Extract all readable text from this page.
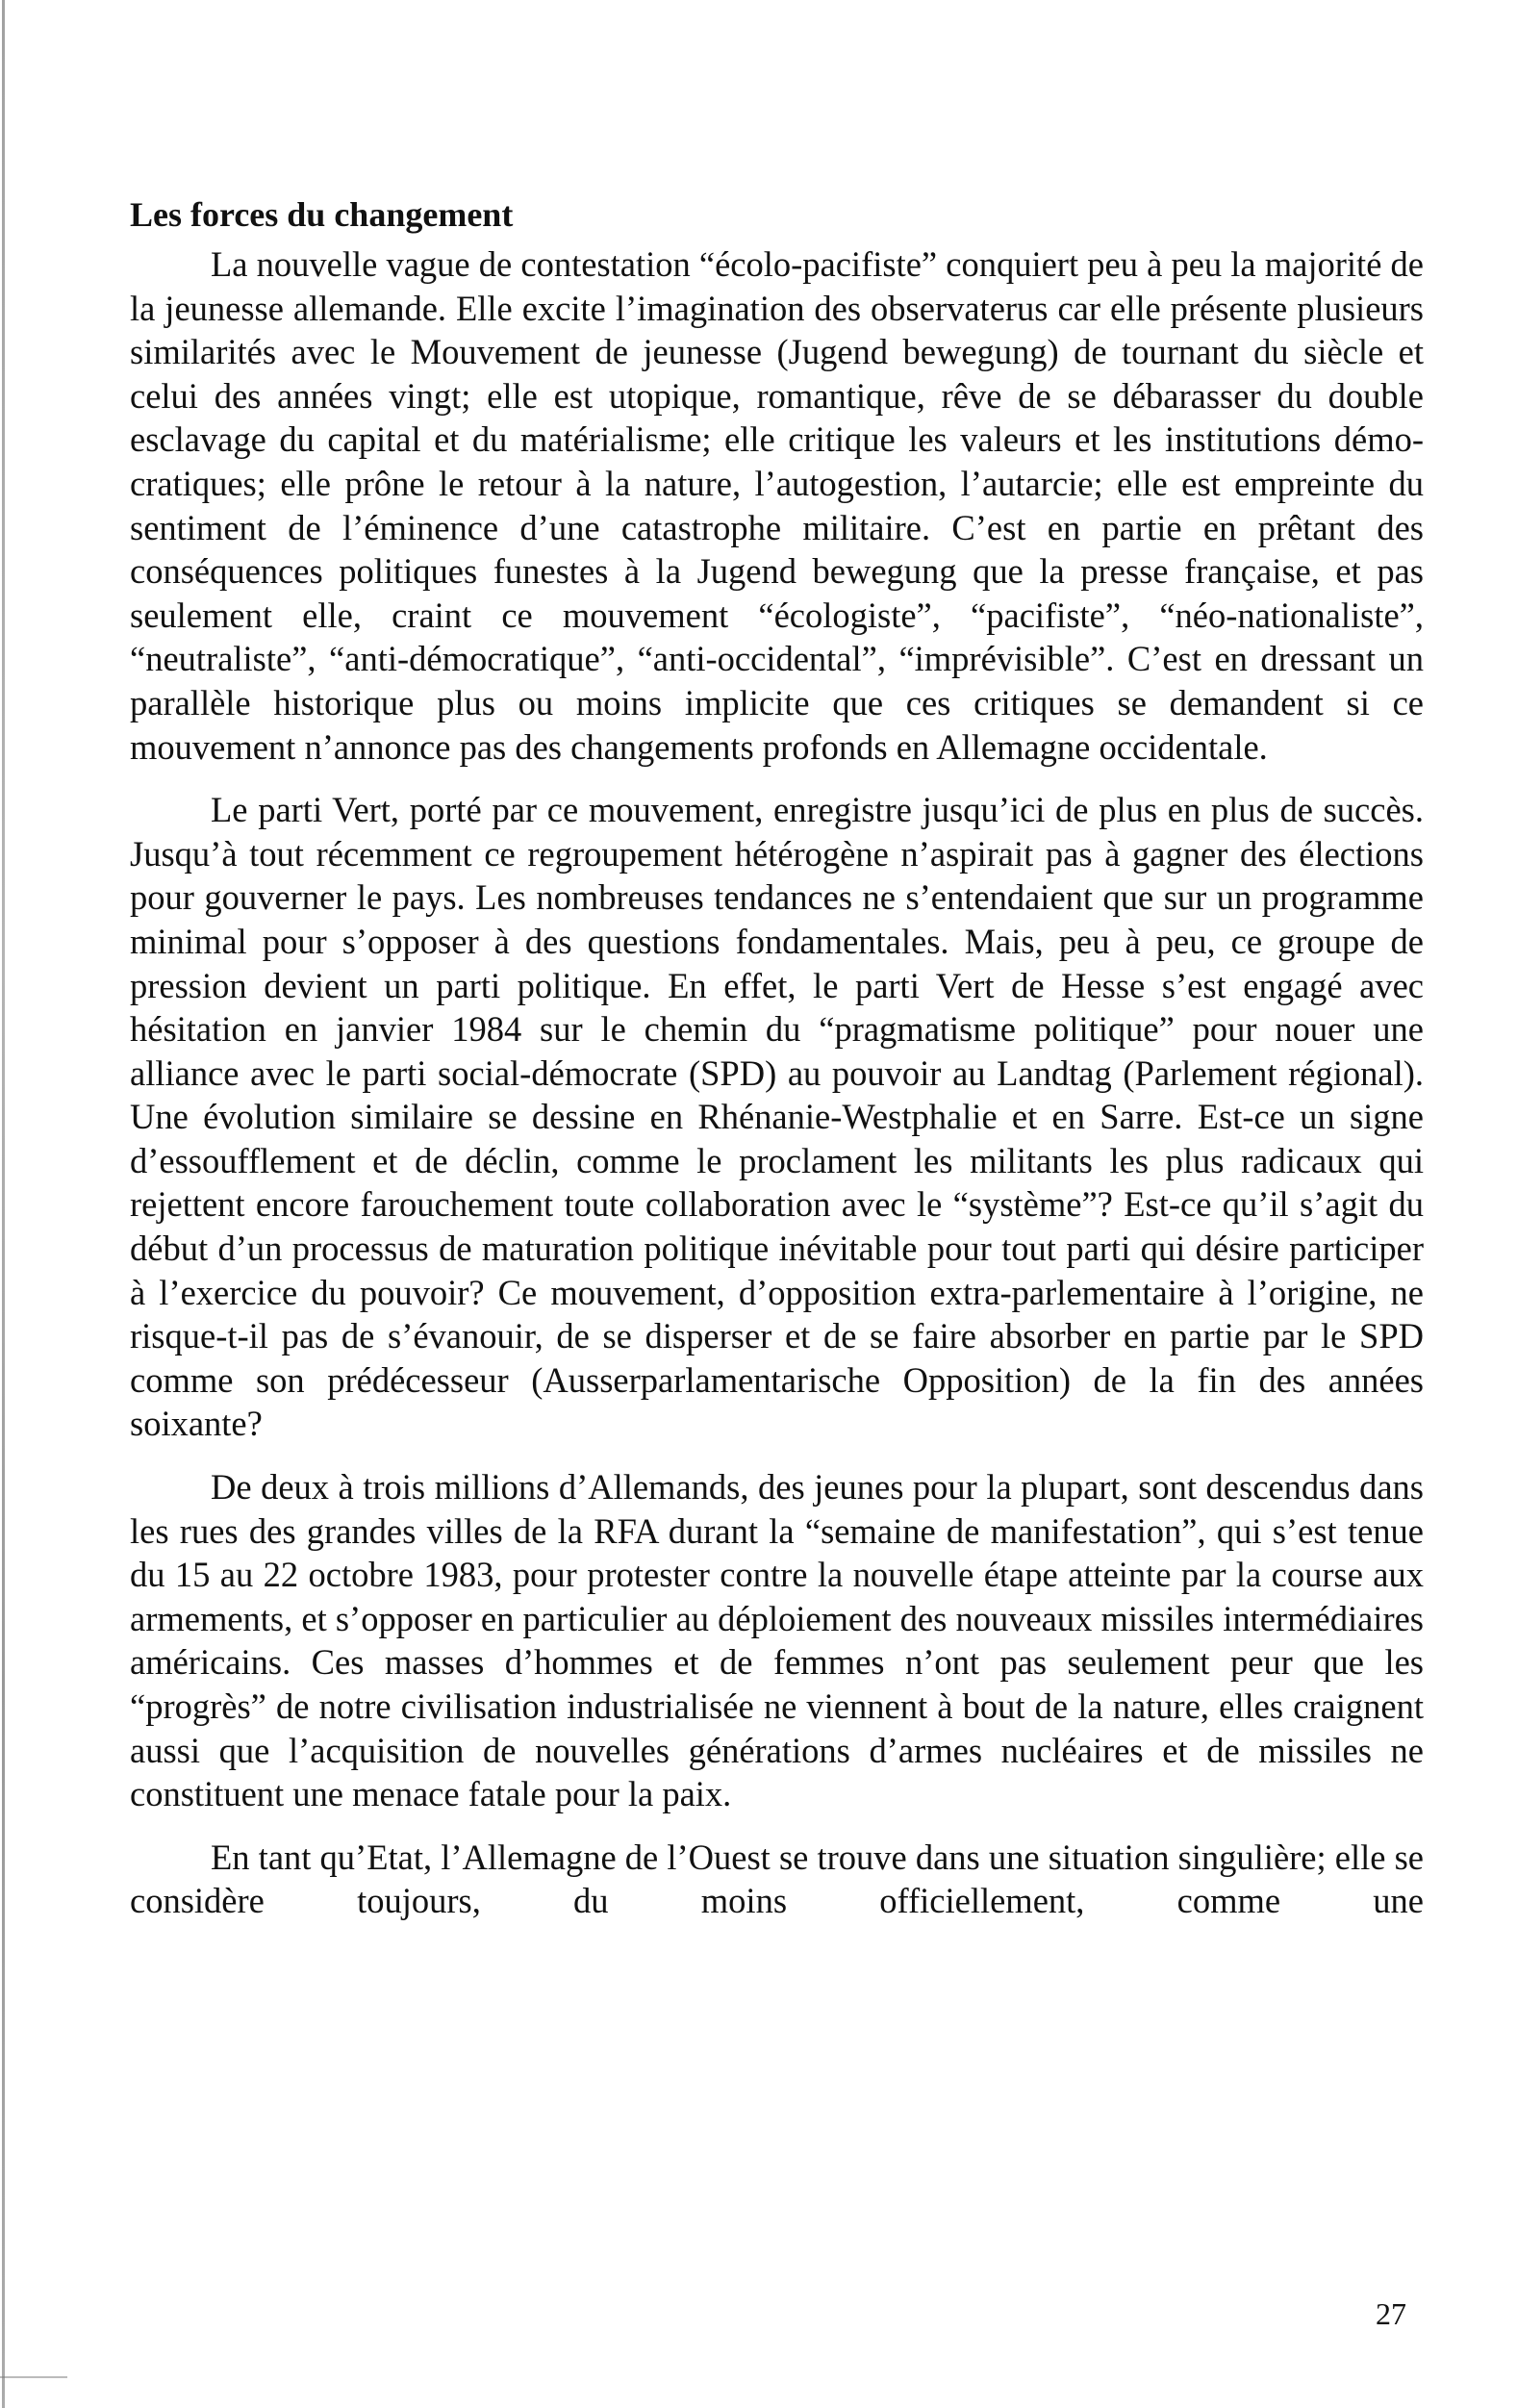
Les forces du changement

La nouvelle vague de contestation “écolo-pacifiste” conquiert peu à peu la majorité de la jeunesse allemande. Elle excite l’imagination des observaterus car elle présente plusieurs similarités avec le Mouvement de jeunesse (Jugend bewegung) de tournant du siècle et celui des années vingt; elle est utopique, romantique, rêve de se débarasser du double esclavage du capital et du matérialisme; elle critique les valeurs et les institutions démocratiques; elle prône le retour à la nature, l’autogestion, l’autarcie; elle est empreinte du sentiment de l’éminence d’une catastrophe militaire. C’est en partie en prêtant des conséquences politiques funestes à la Jugend bewegung que la presse française, et pas seulement elle, craint ce mouvement “écologiste”, “pacifiste”, “néo-nationaliste”, “neutraliste”, “anti-démocratique”, “anti-occidental”, “imprévisible”. C’est en dressant un parallèle historique plus ou moins implicite que ces critiques se demandent si ce mouvement n’annonce pas des changements profonds en Allemagne occidentale.

Le parti Vert, porté par ce mouvement, enregistre jusqu’ici de plus en plus de succès. Jusqu’à tout récemment ce regroupement hétérogène n’aspirait pas à gagner des élections pour gouverner le pays. Les nombreuses tendances ne s’entendaient que sur un programme minimal pour s’opposer à des questions fondamentales. Mais, peu à peu, ce groupe de pression devient un parti politique. En effet, le parti Vert de Hesse s’est engagé avec hésitation en janvier 1984 sur le chemin du “pragmatisme politique” pour nouer une alliance avec le parti social-démocrate (SPD) au pouvoir au Landtag (Parlement régional). Une évolution similaire se dessine en Rhénanie-Westphalie et en Sarre. Est-ce un signe d’essoufflement et de déclin, comme le proclament les militants les plus radicaux qui rejettent encore farouchement toute collaboration avec le “système”? Est-ce qu’il s’agit du début d’un processus de maturation politique inévitable pour tout parti qui désire participer à l’exercice du pouvoir? Ce mouvement, d’opposition extra-parlementaire à l’origine, ne risque-t-il pas de s’évanouir, de se disperser et de se faire absorber en partie par le SPD comme son prédécesseur (Ausserparlamentarische Opposition) de la fin des années soixante?

De deux à trois millions d’Allemands, des jeunes pour la plupart, sont descendus dans les rues des grandes villes de la RFA durant la “semaine de manifestation”, qui s’est tenue du 15 au 22 octobre 1983, pour protester contre la nouvelle étape atteinte par la course aux armements, et s’opposer en particulier au déploiement des nouveaux missiles intermédiaires américains. Ces masses d’hommes et de femmes n’ont pas seulement peur que les “progrès” de notre civilisation industrialisée ne viennent à bout de la nature, elles craignent aussi que l’acquisition de nouvelles générations d’armes nucléaires et de missiles ne constituent une menace fatale pour la paix.

En tant qu’Etat, l’Allemagne de l’Ouest se trouve dans une situation singulière; elle se considère toujours, du moins officiellement, comme une

27
